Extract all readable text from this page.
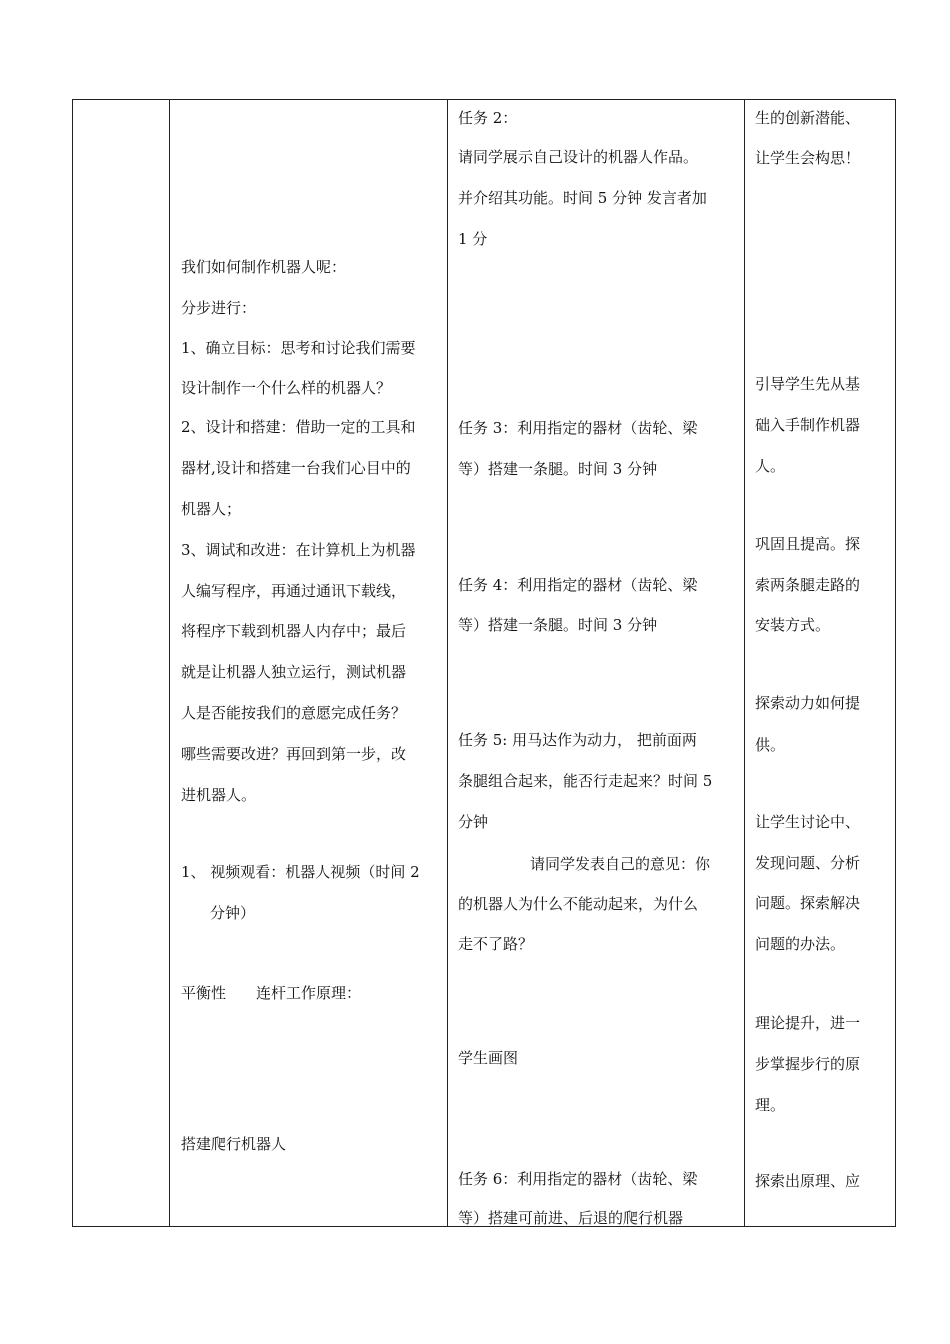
我们如何制作机器人呢：
分步进行：
1、确立目标：思考和讨论我们需要
设计制作一个什么样的机器人？
2、设计和搭建：借助一定的工具和
器材,设计和搭建一台我们心目中的
机器人；
3、调试和改进：在计算机上为机器
人编写程序，再通过通讯下载线，
将程序下载到机器人内存中；最后
就是让机器人独立运行，测试机器
人是否能按我们的意愿完成任务？
哪些需要改进？再回到第一步，改
进机器人。
1、 视频观看：机器人视频（时间 2
分钟）
平衡性 连杆工作原理：
搭建爬行机器人
任务 2：
请同学展示自己设计的机器人作品。
并介绍其功能。时间 5 分钟 发言者加
1 分
任务 3：利用指定的器材（齿轮、梁
等）搭建一条腿。时间 3 分钟
任务 4：利用指定的器材（齿轮、梁
等）搭建一条腿。时间 3 分钟
任务 5: 用马达作为动力， 把前面两
条腿组合起来，能否行走起来？时间 5
分钟
请同学发表自己的意见：你
的机器人为什么不能动起来，为什么
走不了路？
学生画图
任务 6：利用指定的器材（齿轮、梁
等）搭建可前进、后退的爬行机器
生的创新潜能、
让学生会构思！
引导学生先从基
础入手制作机器
人。
巩固且提高。探
索两条腿走路的
安装方式。
探索动力如何提
供。
让学生讨论中、
发现问题、分析
问题。探索解决
问题的办法。
理论提升，进一
步掌握步行的原
理。
探索出原理、应
